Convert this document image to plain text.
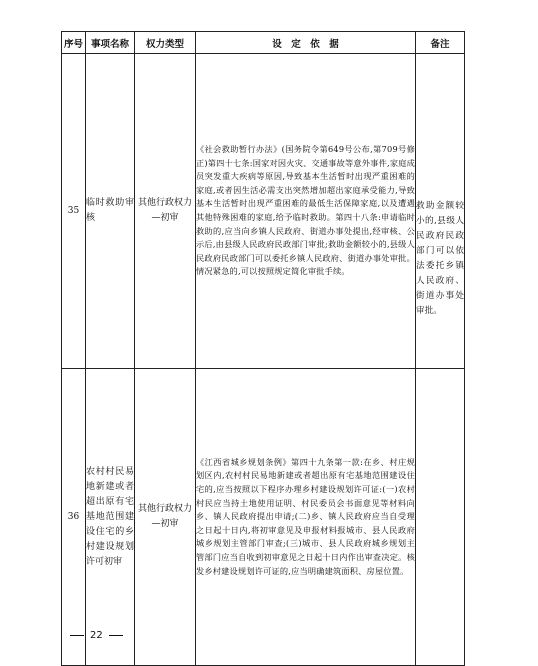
序号	事项名称	权力类型	设　定　依　据	备注
35	临时救助审核	其他行政权力—初审	《社会救助暂行办法》(国务院令第649号公布,第709号修正)第四十七条:国家对因火灾、交通事故等意外事件,家庭成员突发重大疾病等原因,导致基本生活暂时出现严重困难的家庭,或者因生活必需支出突然增加超出家庭承受能力,导致基本生活暂时出现严重困难的最低生活保障家庭,以及遭遇其他特殊困难的家庭,给予临时救助。第四十八条:申请临时救助的,应当向乡镇人民政府、街道办事处提出,经审核、公示后,由县级人民政府民政部门审批;救助金额较小的,县级人民政府民政部门可以委托乡镇人民政府、街道办事处审批。情况紧急的,可以按照规定简化审批手续。	救助金额较小的,县级人民政府民政部门可以依法委托乡镇人民政府、街道办事处审批。

36	农村村民易地新建或者超出原有宅基地范围建设住宅的乡村建设规划许可初审	其他行政权力—初审	《江西省城乡规划条例》第四十九条第一款:在乡、村庄规划区内,农村村民易地新建或者超出原有宅基地范围建设住宅的,应当按照以下程序办理乡村建设规划许可证:(一)农村村民应当持土地使用证明、村民委员会书面意见等材料向乡、镇人民政府提出申请;(二)乡、镇人民政府应当自受理之日起十日内,将初审意见及申报材料报城市、县人民政府城乡规划主管部门审查;(三)城市、县人民政府城乡规划主管部门应当自收到初审意见之日起十日内作出审查决定。核发乡村建设规划许可证的,应当明确建筑面积、房屋位置。	
22
